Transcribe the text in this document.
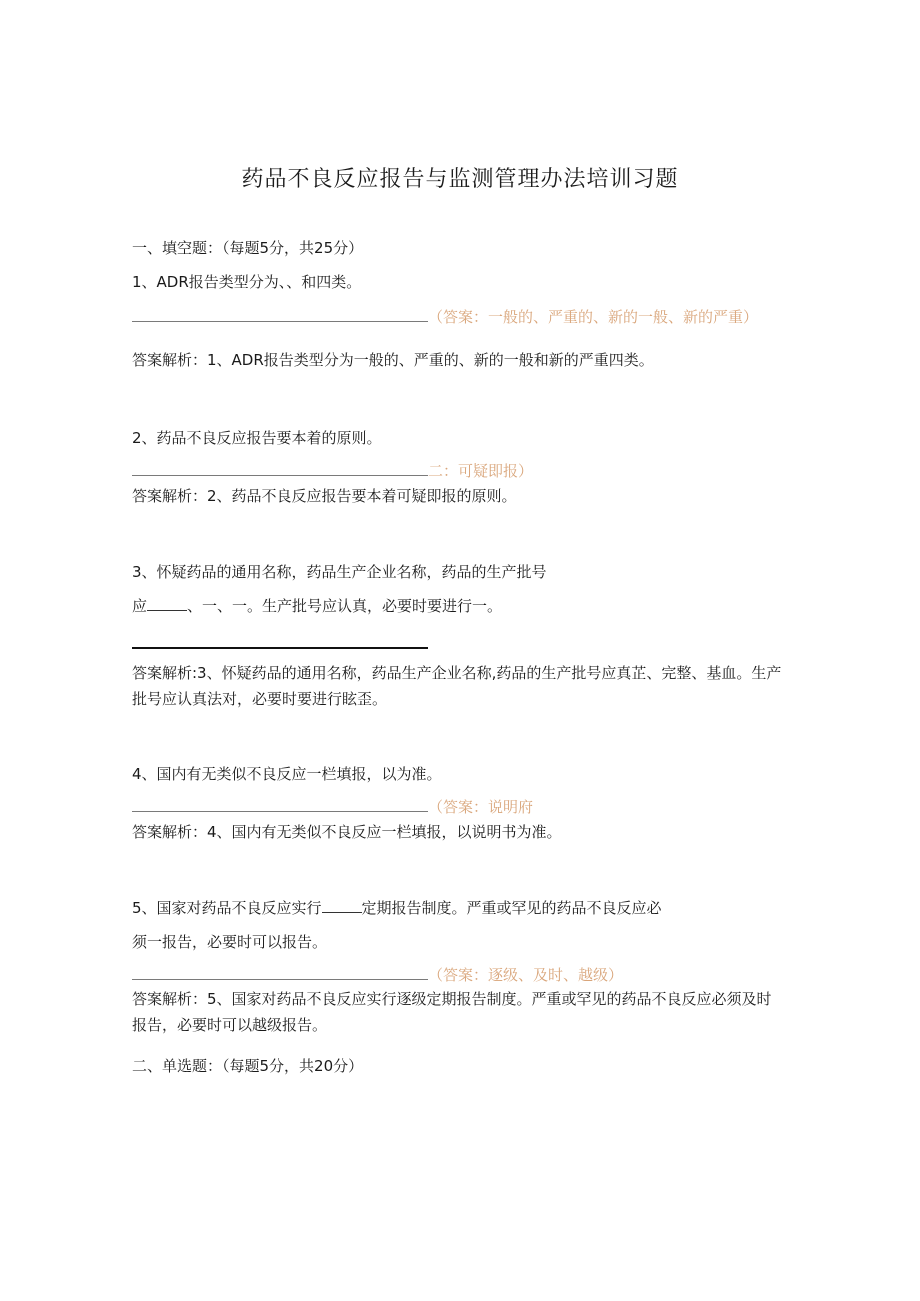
药品不良反应报告与监测管理办法培训习题
一、填空题：（每题5分，共25分）
1、ADR报告类型分为、、和四类。
（答案：一般的、严重的、新的一般、新的严重）
答案解析：1、ADR报告类型分为一般的、严重的、新的一般和新的严重四类。
2、药品不良反应报告要本着的原则。
二：可疑即报）
答案解析：2、药品不良反应报告要本着可疑即报的原则。
3、怀疑药品的通用名称，药品生产企业名称，药品的生产批号
应	、一、一。生产批号应认真，必要时要进行一。
答案解析:3、怀疑药品的通用名称，药品生产企业名称,药品的生产批号应真芷、完整、基血。生产批号应认真法对，必要时要进行眩歪。
4、国内有无类似不良反应一栏填报，以为准。
（答案：说明府
答案解析：4、国内有无类似不良反应一栏填报，以说明书为准。
5、国家对药品不良反应实行	定期报告制度。严重或罕见的药品不良反应必
须一报告，必要时可以报告。
（答案：逐级、及时、越级）
答案解析：5、国家对药品不良反应实行逐级定期报告制度。严重或罕见的药品不良反应必须及时报告，必要时可以越级报告。
二、单选题：（每题5分，共20分）
